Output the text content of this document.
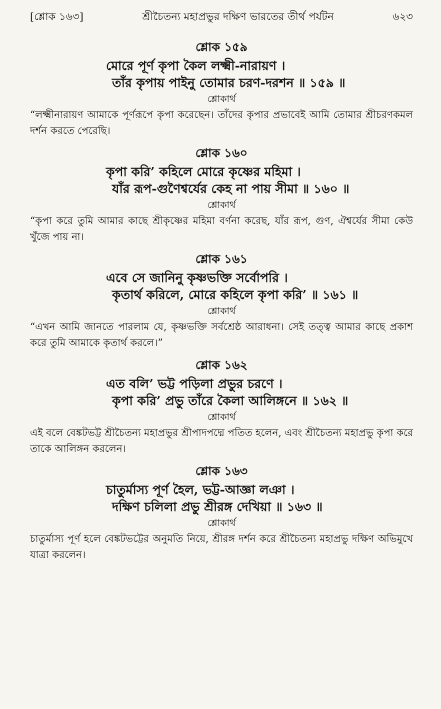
[শ্লোক ১৬৩]	শ্রীচৈতন্য মহাপ্রভুর দক্ষিণ ভারতের তীর্থ পর্যটন	৬২৩
শ্লোক ১৫৯
মোরে পূর্ণ কৃপা কৈল লক্ষ্মী-নারায়ণ ।
তাঁর কৃপায় পাইনু তোমার চরণ-দরশন ॥ ১৫৯ ॥
শ্লোকার্থ

“লক্ষ্মীনারায়ণ আমাকে পূর্ণরূপে কৃপা করেছেন। তাঁদের কৃপার প্রভাবেই আমি তোমার শ্রীচরণকমল দর্শন করতে পেরেছি।

শ্লোক ১৬০
কৃপা করি’ কহিলে মোরে কৃষ্ণের মহিমা ।
যাঁর রূপ-গুণৈশ্বর্যের কেহ না পায় সীমা ॥ ১৬০ ॥
শ্লোকার্থ

“কৃপা করে তুমি আমার কাছে শ্রীকৃষ্ণের মহিমা বর্ণনা করেছ, যাঁর রূপ, গুণ, ঐশ্বর্যের সীমা কেউ খুঁজে পায় না।

শ্লোক ১৬১
এবে সে জানিনু কৃষ্ণভক্তি সর্বোপরি ।
কৃতার্থ করিলে, মোরে কহিলে কৃপা করি’ ॥ ১৬১ ॥
শ্লোকার্থ

“এখন আমি জানতে পারলাম যে, কৃষ্ণভক্তি সর্বশ্রেষ্ঠ আরাধনা। সেই তত্ত্ব আমার কাছে প্রকাশ করে তুমি আমাকে কৃতার্থ করলে।”

শ্লোক ১৬২
এত বলি’ ভট্ট পড়িলা প্রভুর চরণে ।
কৃপা করি’ প্রভু তাঁরে কৈলা আলিঙ্গনে ॥ ১৬২ ॥
শ্লোকার্থ

এই বলে বেঙ্কটভট্ট শ্রীচৈতন্য মহাপ্রভুর শ্রীপাদপদ্মে পতিত হলেন, এবং শ্রীচৈতন্য মহাপ্রভু কৃপা করে তাকে আলিঙ্গন করলেন।

শ্লোক ১৬৩
চাতুর্মাস্য পূর্ণ হৈল, ভট্ট-আজ্ঞা লঞা ।
দক্ষিণ চলিলা প্রভু শ্রীরঙ্গ দেখিয়া ॥ ১৬৩ ॥
শ্লোকার্থ

চাতুর্মাস্য পূর্ণ হলে বেঙ্কটভট্টের অনুমতি নিয়ে, শ্রীরঙ্গ দর্শন করে শ্রীচৈতন্য মহাপ্রভু দক্ষিণ অভিমুখে যাত্রা করলেন।
